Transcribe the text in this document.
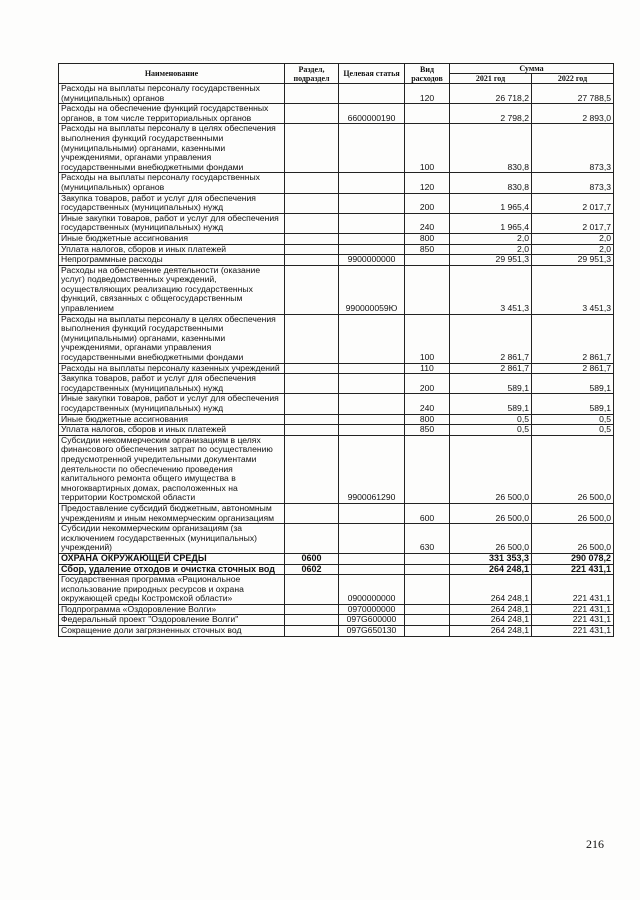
Наименование	Раздел, подраздел	Целевая статья	Вид расходов	Сумма	
				2021 год	2022 год
Расходы на выплаты персоналу государственных (муниципальных) органов			120	26 718,2	27 788,5
Расходы на обеспечение функций государственных органов, в том числе территориальных органов		6600000190		2 798,2	2 893,0
Расходы на выплаты персоналу в целях обеспечения выполнения функций государственными (муниципальными) органами, казенными учреждениями, органами управления государственными внебюджетными фондами			100	830,8	873,3
Расходы на выплаты персоналу государственных (муниципальных) органов			120	830,8	873,3
Закупка товаров, работ и услуг для обеспечения государственных (муниципальных) нужд			200	1 965,4	2 017,7
Иные закупки товаров, работ и услуг для обеспечения государственных (муниципальных) нужд			240	1 965,4	2 017,7
Иные бюджетные ассигнования			800	2,0	2,0
Уплата налогов, сборов и иных платежей			850	2,0	2,0
Непрограммные расходы		9900000000		29 951,3	29 951,3
Расходы на обеспечение деятельности (оказание услуг) подведомственных учреждений, осуществляющих реализацию государственных функций, связанных с общегосударственным управлением		990000059Ю		3 451,3	3 451,3
Расходы на выплаты персоналу в целях обеспечения выполнения функций государственными (муниципальными) органами, казенными учреждениями, органами управления государственными внебюджетными фондами			100	2 861,7	2 861,7
Расходы на выплаты персоналу казенных учреждений			110	2 861,7	2 861,7
Закупка товаров, работ и услуг для обеспечения государственных (муниципальных) нужд			200	589,1	589,1
Иные закупки товаров, работ и услуг для обеспечения государственных (муниципальных) нужд			240	589,1	589,1
Иные бюджетные ассигнования			800	0,5	0,5
Уплата налогов, сборов и иных платежей			850	0,5	0,5
Субсидии некоммерческим организациям в целях финансового обеспечения затрат по осуществлению предусмотренной учредительными документами деятельности по обеспечению проведения капитального ремонта общего имущества в многоквартирных домах, расположенных на территории Костромской области		9900061290		26 500,0	26 500,0
Предоставление субсидий бюджетным, автономным учреждениям и иным некоммерческим организациям			600	26 500,0	26 500,0
Субсидии некоммерческим организациям (за исключением государственных (муниципальных) учреждений)			630	26 500,0	26 500,0
ОХРАНА ОКРУЖАЮЩЕЙ СРЕДЫ	0600			331 353,3	290 078,2
Сбор, удаление отходов и очистка сточных вод	0602			264 248,1	221 431,1
Государственная программа «Рациональное использование природных ресурсов и охрана окружающей среды Костромской области»		0900000000		264 248,1	221 431,1
Подпрограмма «Оздоровление Волги»		0970000000		264 248,1	221 431,1
Федеральный проект "Оздоровление Волги"		097G600000		264 248,1	221 431,1
Сокращение доли загрязненных сточных вод		097G650130		264 248,1	221 431,1
216
